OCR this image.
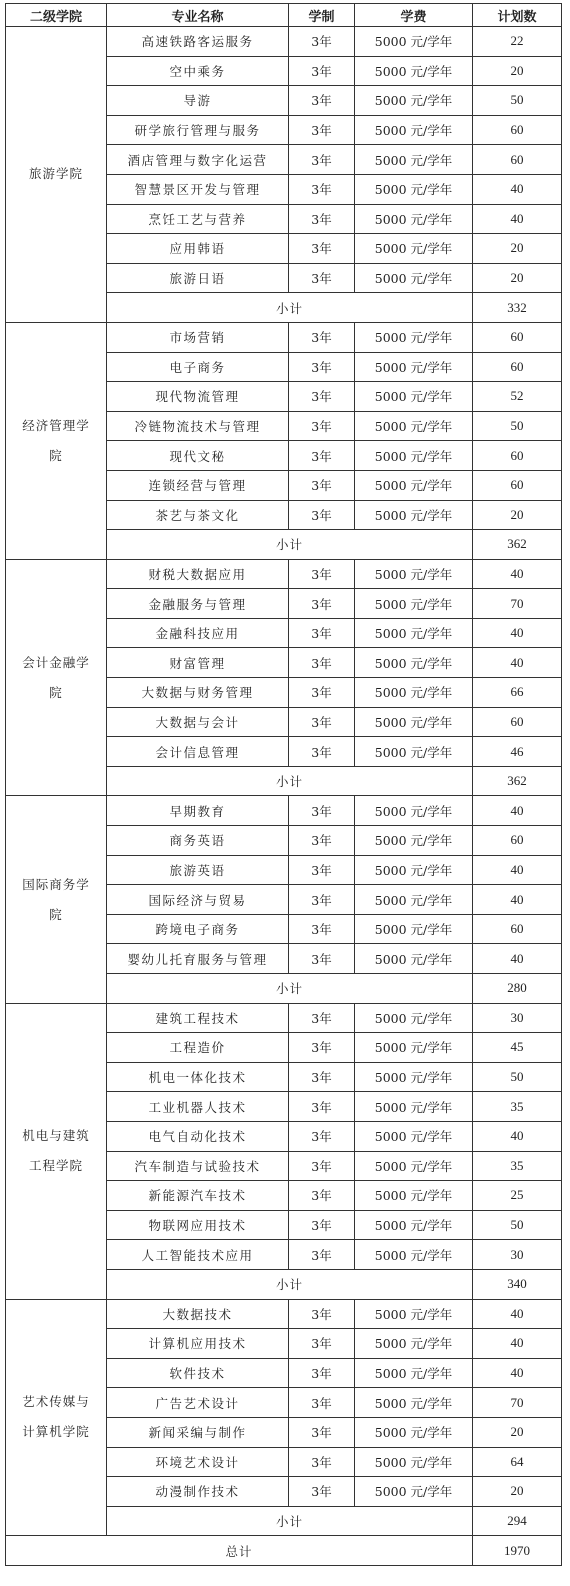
二级学院	专业名称	学制	学费	计划数
旅游学院	高速铁路客运服务	3年	5000 元/学年	22
	空中乘务	3年	5000 元/学年	20
	导游	3年	5000 元/学年	50
	研学旅行管理与服务	3年	5000 元/学年	60
	酒店管理与数字化运营	3年	5000 元/学年	60
	智慧景区开发与管理	3年	5000 元/学年	40
	烹饪工艺与营养	3年	5000 元/学年	40
	应用韩语	3年	5000 元/学年	20
	旅游日语	3年	5000 元/学年	20
	小计			332
经济管理学院	市场营销	3年	5000 元/学年	60
	电子商务	3年	5000 元/学年	60
	现代物流管理	3年	5000 元/学年	52
	冷链物流技术与管理	3年	5000 元/学年	50
	现代文秘	3年	5000 元/学年	60
	连锁经营与管理	3年	5000 元/学年	60
	茶艺与茶文化	3年	5000 元/学年	20
	小计			362
会计金融学院	财税大数据应用	3年	5000 元/学年	40
	金融服务与管理	3年	5000 元/学年	70
	金融科技应用	3年	5000 元/学年	40
	财富管理	3年	5000 元/学年	40
	大数据与财务管理	3年	5000 元/学年	66
	大数据与会计	3年	5000 元/学年	60
	会计信息管理	3年	5000 元/学年	46
	小计			362
国际商务学院	早期教育	3年	5000 元/学年	40
	商务英语	3年	5000 元/学年	60
	旅游英语	3年	5000 元/学年	40
	国际经济与贸易	3年	5000 元/学年	40
	跨境电子商务	3年	5000 元/学年	60
	婴幼儿托育服务与管理	3年	5000 元/学年	40
	小计			280
机电与建筑工程学院	建筑工程技术	3年	5000 元/学年	30
	工程造价	3年	5000 元/学年	45
	机电一体化技术	3年	5000 元/学年	50
	工业机器人技术	3年	5000 元/学年	35
	电气自动化技术	3年	5000 元/学年	40
	汽车制造与试验技术	3年	5000 元/学年	35
	新能源汽车技术	3年	5000 元/学年	25
	物联网应用技术	3年	5000 元/学年	50
	人工智能技术应用	3年	5000 元/学年	30
	小计			340
艺术传媒与计算机学院	大数据技术	3年	5000 元/学年	40
	计算机应用技术	3年	5000 元/学年	40
	软件技术	3年	5000 元/学年	40
	广告艺术设计	3年	5000 元/学年	70
	新闻采编与制作	3年	5000 元/学年	20
	环境艺术设计	3年	5000 元/学年	64
	动漫制作技术	3年	5000 元/学年	20
	小计			294
总计				1970
